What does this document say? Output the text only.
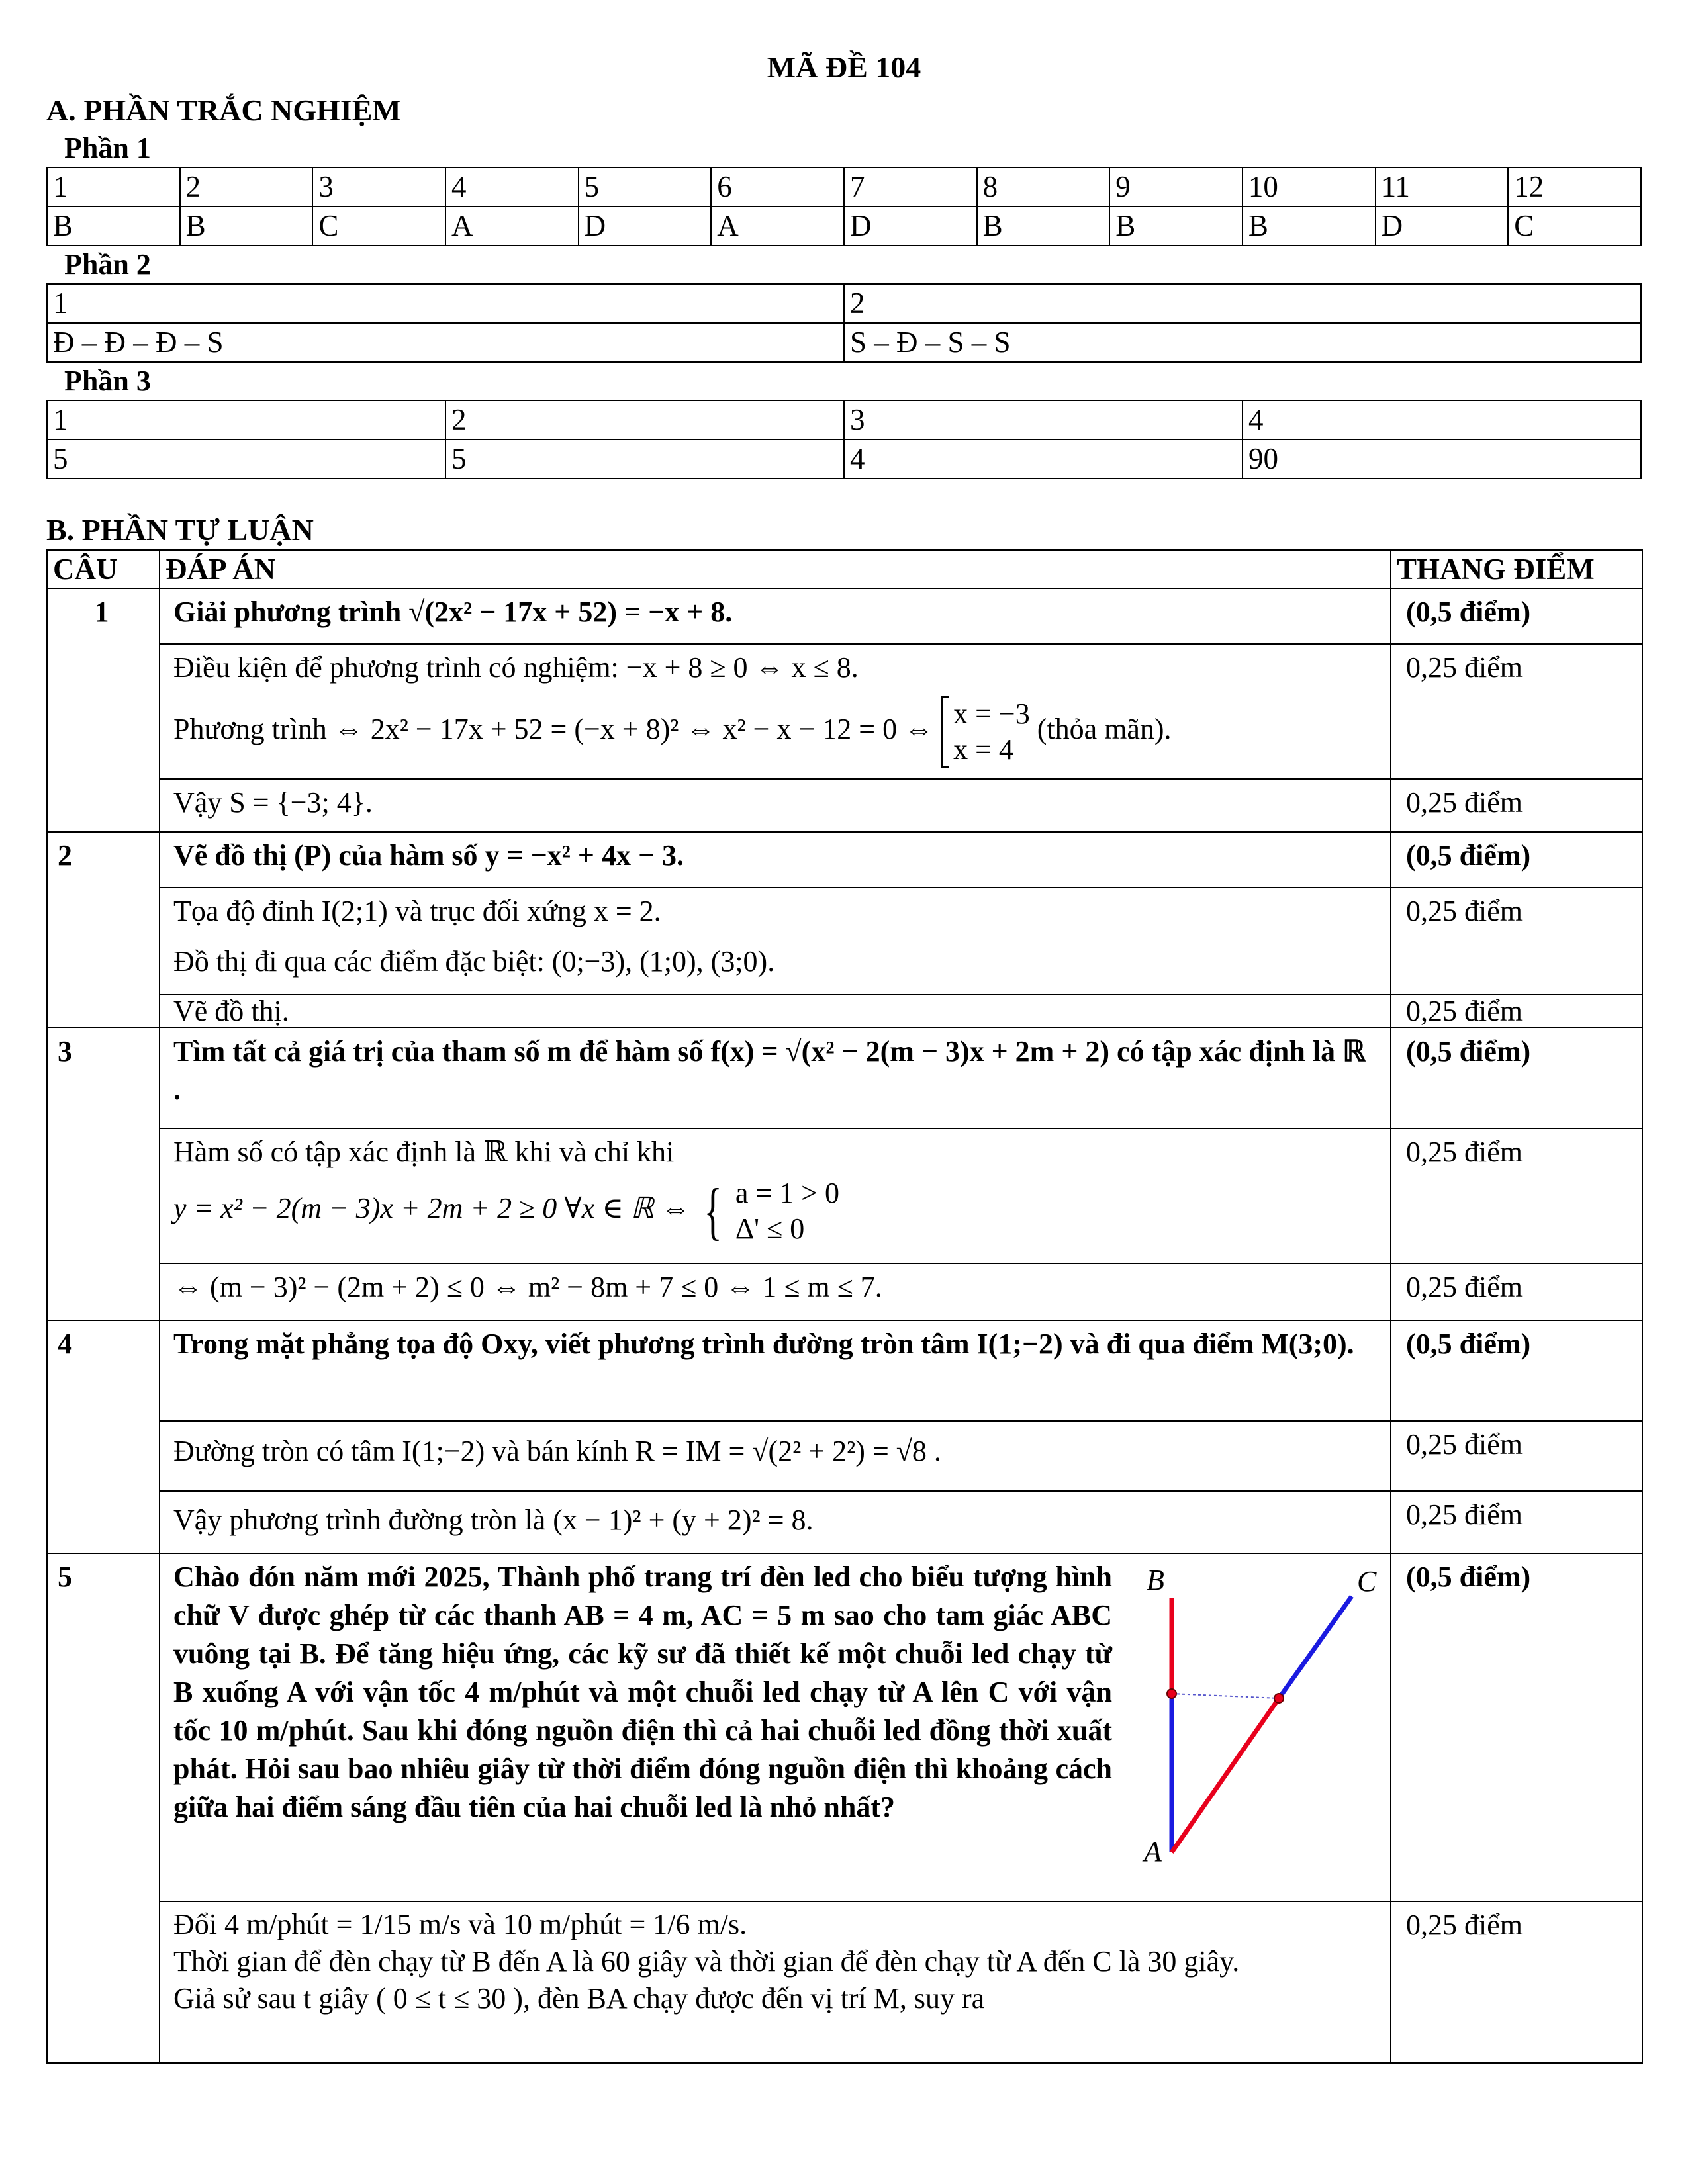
MÃ ĐỀ 104
A. PHẦN TRẮC NGHIỆM
Phần 1
1	2	3	4	5	6	7	8	9	10	11	12
B	B	C	A	D	A	D	B	B	B	D	C
Phần 2
1	2
Đ – Đ – Đ – S	S – Đ – S – S
Phần 3
1	2	3	4
5	5	4	90
B. PHẦN TỰ LUẬN
CÂU	ĐÁP ÁN	THANG ĐIỂM
1	Giải phương trình √(2x² − 17x + 52) = −x + 8.	(0,5 điểm)

	Điều kiện để phương trình có nghiệm: −x + 8 ≥ 0 ⇔ x ≤ 8.
Phương trình ⇔ 2x² − 17x + 52 = (−x + 8)² ⇔ x² − x − 12 = 0 ⇔ x = −3
x = 4
(thỏa mãn).	0,25 điểm
	Vậy S = {−3; 4}.	0,25 điểm
2	Vẽ đồ thị (P) của hàm số y = −x² + 4x − 3.	(0,5 điểm)

	Tọa độ đỉnh I(2;1) và trục đối xứng x = 2.
Đồ thị đi qua các điểm đặc biệt: (0;−3), (1;0), (3;0).	0,25 điểm
	Vẽ đồ thị.	0,25 điểm
3	Tìm tất cả giá trị của tham số m để hàm số f(x) = √(x² − 2(m − 3)x + 2m + 2) có tập xác định là ℝ .	(0,5 điểm)

	Hàm số có tập xác định là ℝ khi và chỉ khi
y = x² − 2(m − 3)x + 2m + 2 ≥ 0 ∀x ∈ ℝ ⇔ { a = 1 > 0
Δ' ≤ 0	0,25 điểm
	⇔ (m − 3)² − (2m + 2) ≤ 0 ⇔ m² − 8m + 7 ≤ 0 ⇔ 1 ≤ m ≤ 7.	0,25 điểm
4	Trong mặt phẳng tọa độ Oxy, viết phương trình đường tròn tâm I(1;−2) và đi qua điểm M(3;0).	(0,5 điểm)
	Đường tròn có tâm I(1;−2) và bán kính R = IM = √(2² + 2²) = √8 .	0,25 điểm
	Vậy phương trình đường tròn là (x − 1)² + (y + 2)² = 8.	0,25 điểm
5	Chào đón năm mới 2025, Thành phố trang trí đèn led cho biểu tượng hình chữ V được ghép từ các thanh AB = 4 m, AC = 5 m sao cho tam giác ABC vuông tại B. Để tăng hiệu ứng, các kỹ sư đã thiết kế một chuỗi led chạy từ B xuống A với vận tốc 4 m/phút và một chuỗi led chạy từ A lên C với vận tốc 10 m/phút. Sau khi đóng nguồn điện thì cả hai chuỗi led đồng thời xuất phát. Hỏi sau bao nhiêu giây từ thời điểm đóng nguồn điện thì khoảng cách giữa hai điểm sáng đầu tiên của hai chuỗi led là nhỏ nhất?
B C
A	(0,5 điểm)

	Đổi 4 m/phút = 1/15 m/s và 10 m/phút = 1/6 m/s.
Thời gian để đèn chạy từ B đến A là 60 giây và thời gian để đèn chạy từ A đến C là 30 giây.
Giả sử sau t giây ( 0 ≤ t ≤ 30 ), đèn BA chạy được đến vị trí M, suy ra	0,25 điểm
